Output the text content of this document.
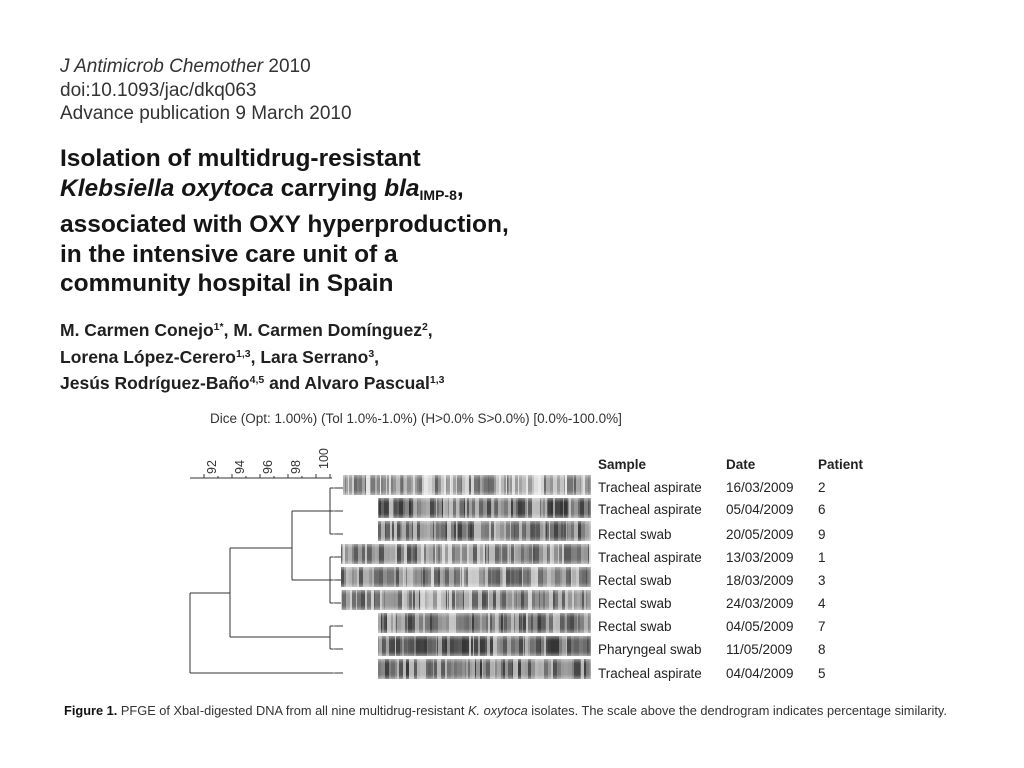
J Antimicrob Chemother 2010
doi:10.1093/jac/dkq063
Advance publication 9 March 2010
Isolation of multidrug-resistant
Klebsiella oxytoca carrying bla$_{IMP-8}$,
associated with OXY hyperproduction,
in the intensive care unit of a
community hospital in Spain
M. Carmen Conejo$^{1*}$, M. Carmen Domínguez$^2$,
Lorena López-Cerero$^{1,3}$, Lara Serrano$^3$,
Jesús Rodríguez-Baño$^{4,5}$ and Alvaro Pascual$^{1,3}$
Dice (Opt: 1.00%) (Tol 1.0%-1.0%) (H>0.0% S>0.0%) [0.0%-100.0%]
92 94 96 98 100	Sample	Date	Patient
Tracheal aspirate 16/03/2009 2
Tracheal aspirate 05/04/2009 6
Rectal swab	20/05/2009 9
Tracheal aspirate 13/03/2009 1
Rectal swab	18/03/2009 3
Rectal swab	24/03/2009 4
Rectal swab	04/05/2009 7
Pharyngeal swab 11/05/2009 8
Tracheal aspirate 04/04/2009 5
Figure 1. PFGE of XbaI-digested DNA from all nine multidrug-resistant K. oxytoca isolates. The scale above the dendrogram indicates percentage similarity.
